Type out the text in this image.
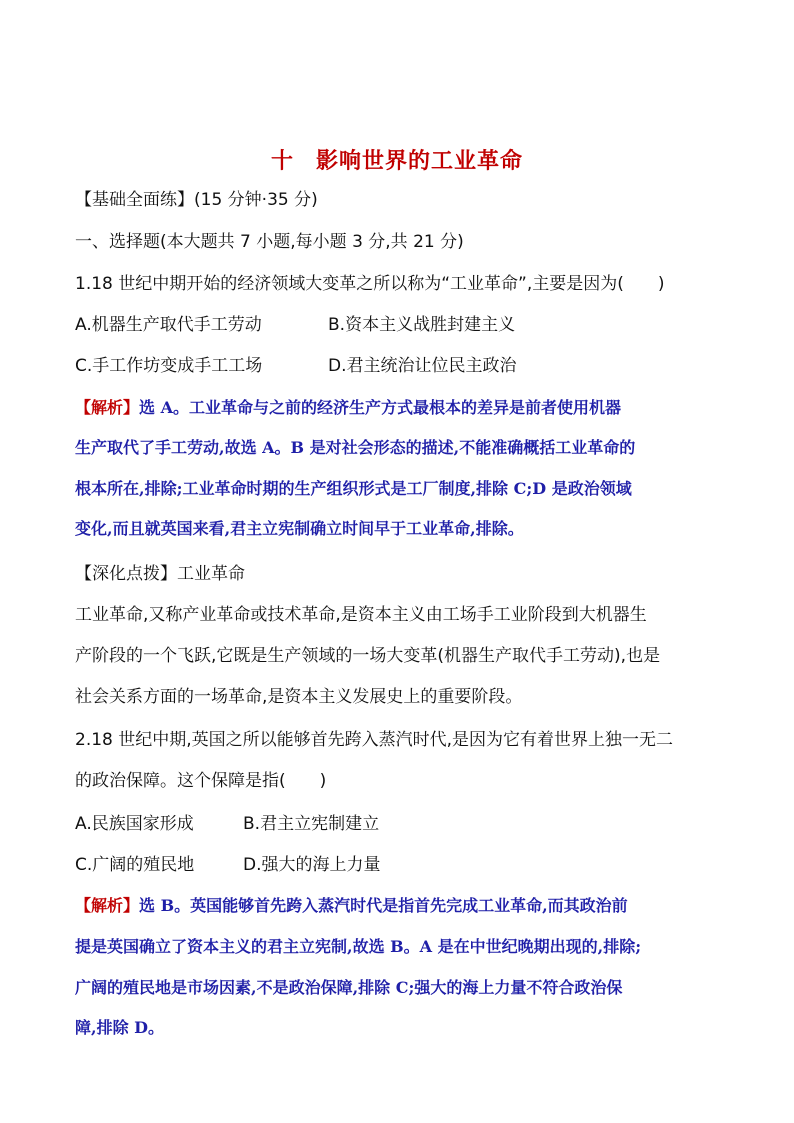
十 影响世界的工业革命
【基础全面练】(15 分钟·35 分)
一、选择题(本大题共 7 小题,每小题 3 分,共 21 分)
1.18 世纪中期开始的经济领域大变革之所以称为“工业革命”,主要是因为(　　)
A.机器生产取代手工劳动	B.资本主义战胜封建主义
C.手工作坊变成手工工场	D.君主统治让位民主政治
【解析】选 A。工业革命与之前的经济生产方式最根本的差异是前者使用机器
生产取代了手工劳动,故选 A。B 是对社会形态的描述,不能准确概括工业革命的
根本所在,排除;工业革命时期的生产组织形式是工厂制度,排除 C;D 是政治领域
变化,而且就英国来看,君主立宪制确立时间早于工业革命,排除。
【深化点拨】工业革命
工业革命,又称产业革命或技术革命,是资本主义由工场手工业阶段到大机器生
产阶段的一个飞跃,它既是生产领域的一场大变革(机器生产取代手工劳动),也是
社会关系方面的一场革命,是资本主义发展史上的重要阶段。
2.18 世纪中期,英国之所以能够首先跨入蒸汽时代,是因为它有着世界上独一无二
的政治保障。这个保障是指(　　)
A.民族国家形成	B.君主立宪制建立
C.广阔的殖民地	D.强大的海上力量
【解析】选 B。英国能够首先跨入蒸汽时代是指首先完成工业革命,而其政治前
提是英国确立了资本主义的君主立宪制,故选 B。A 是在中世纪晚期出现的,排除;
广阔的殖民地是市场因素,不是政治保障,排除 C;强大的海上力量不符合政治保
障,排除 D。
